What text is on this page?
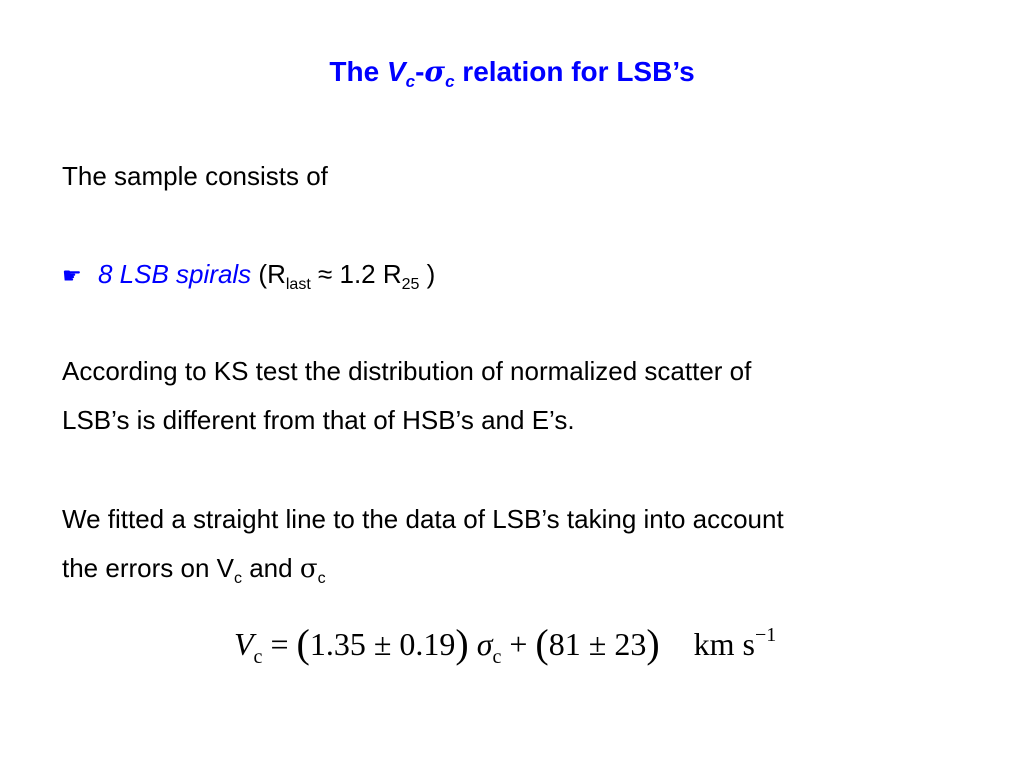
The $V_c-\sigma_c$ relation for LSB’s
The sample consists of
☛ 8 LSB spirals ($R_{last} \approx 1.2$ $R_{25}$ )
According to KS test the distribution of normalized scatter of
LSB’s is different from that of HSB’s and E’s.
We fitted a straight line to the data of LSB’s taking into account
the errors on $V_c$ and $\sigma_c$
$V_c = (1.35 \pm 0.19) \sigma_c + (81 \pm 23)$ km $s^{-1}$
